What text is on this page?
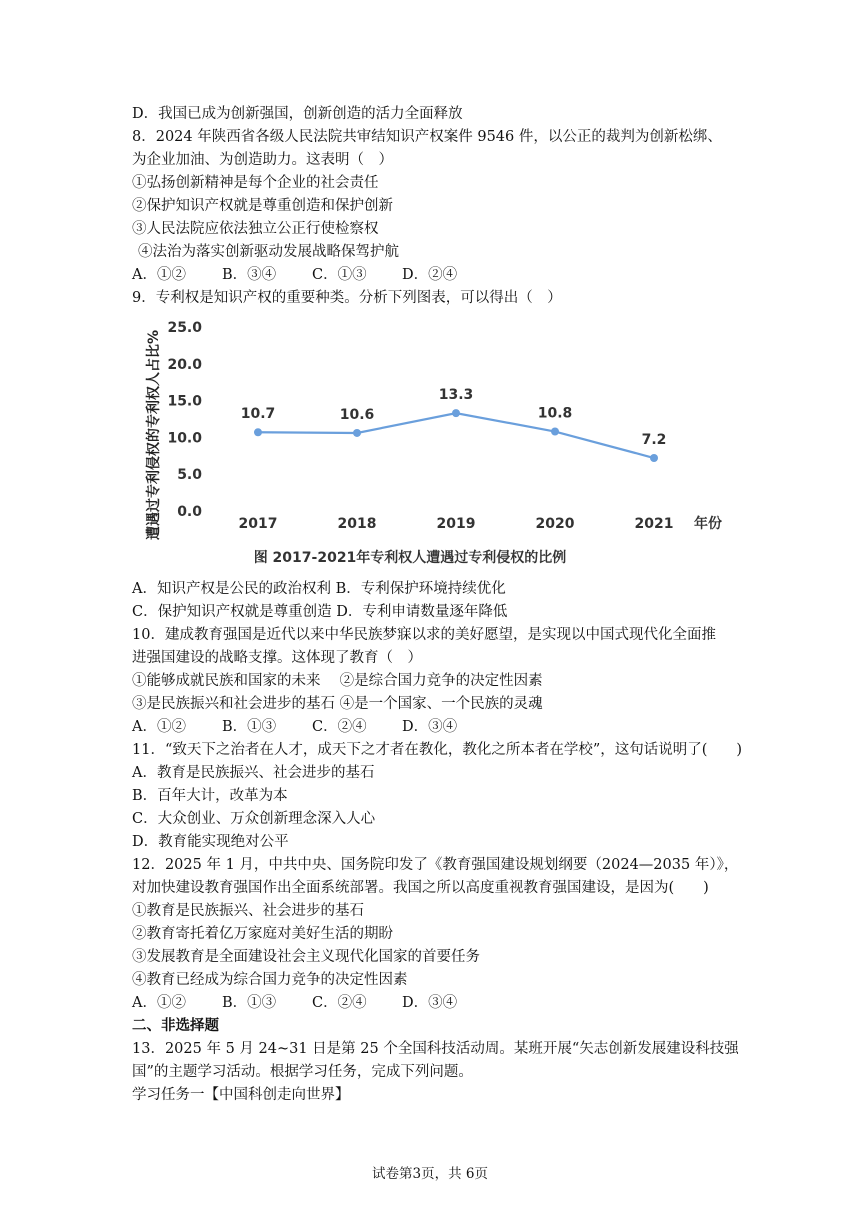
D．我国已成为创新强国，创新创造的活力全面释放
8．2024 年陕西省各级人民法院共审结知识产权案件 9546 件，以公正的裁判为创新松绑、
为企业加油、为创造助力。这表明（　）
①弘扬创新精神是每个企业的社会责任
②保护知识产权就是尊重创造和保护创新
③人民法院应依法独立公正行使检察权
④法治为落实创新驱动发展战略保驾护航
A．①② B．③④ C．①③ D．②④
9．专利权是知识产权的重要种类。分析下列图表，可以得出（　）
遭遇过专利侵权的专利权人占比% 0.0
5.0
10.0
15.0
20.0
25.0
2017	2018	2019	2020	2021
10.7	10.6
13.3
10.8
7.2
年份
图 2017-2021年专利权人遭遇过专利侵权的比例
A．知识产权是公民的政治权利 B．专利保护环境持续优化
C．保护知识产权就是尊重创造 D．专利申请数量逐年降低
10．建成教育强国是近代以来中华民族梦寐以求的美好愿望，是实现以中国式现代化全面推
进强国建设的战略支撑。这体现了教育（　）
①能够成就民族和国家的未来　 ②是综合国力竞争的决定性因素
③是民族振兴和社会进步的基石 ④是一个国家、一个民族的灵魂
A．①② B．①③ C．②④ D．③④
11．“致天下之治者在人才，成天下之才者在教化，教化之所本者在学校”，这句话说明了(　　)
A．教育是民族振兴、社会进步的基石
B．百年大计，改革为本
C．大众创业、万众创新理念深入人心
D．教育能实现绝对公平
12．2025 年 1 月，中共中央、国务院印发了《教育强国建设规划纲要（2024—2035 年）》，
对加快建设教育强国作出全面系统部署。我国之所以高度重视教育强国建设，是因为(　　)
①教育是民族振兴、社会进步的基石
②教育寄托着亿万家庭对美好生活的期盼
③发展教育是全面建设社会主义现代化国家的首要任务
④教育已经成为综合国力竞争的决定性因素
A．①② B．①③ C．②④ D．③④
二、非选择题
13．2025 年 5 月 24~31 日是第 25 个全国科技活动周。某班开展“矢志创新发展建设科技强
国”的主题学习活动。根据学习任务，完成下列问题。
学习任务一【中国科创走向世界】
试卷第3页，共 6页
